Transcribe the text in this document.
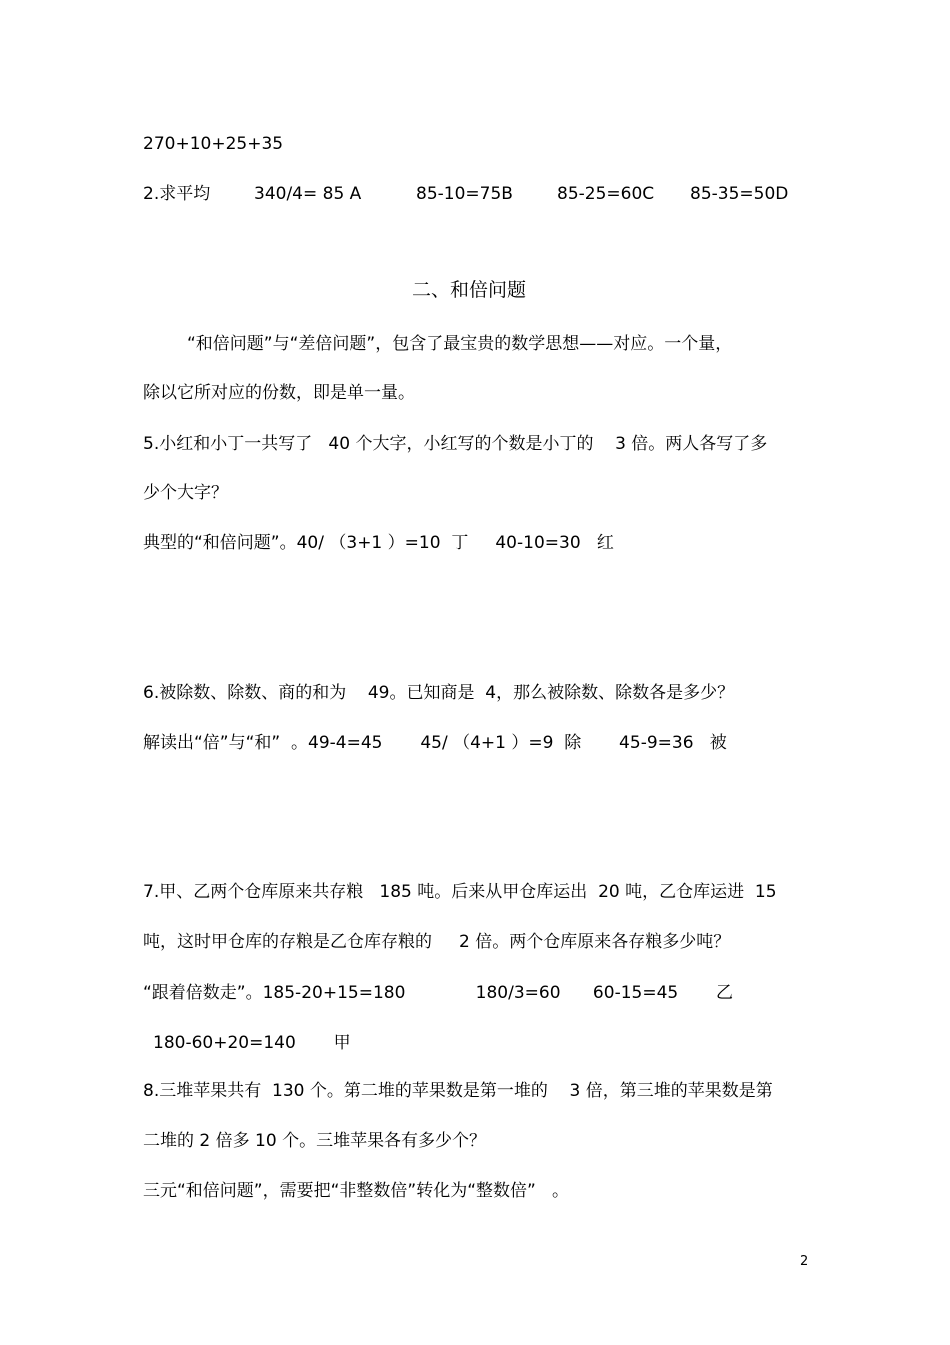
270+10+25+35
2.求平均	340/4= 85 A	85-10=75B	85-25=60C 85-35=50D
二、和倍问题
“和倍问题”与“差倍问题”，包含了最宝贵的数学思想——对应。一个量，
除以它所对应的份数，即是单一量。
5.小红和小丁一共写了   40 个大字，小红写的个数是小丁的    3 倍。两人各写了多
少个大字？
典型的“和倍问题”。40/ （3+1 ）=10  丁     40-10=30   红
6.被除数、除数、商的和为    49。已知商是  4，那么被除数、除数各是多少？
解读出“倍”与“和”  。49-4=45       45/ （4+1 ）=9  除       45-9=36   被
7.甲、乙两个仓库原来共存粮   185 吨。后来从甲仓库运出  20 吨，乙仓库运进  15
吨，这时甲仓库的存粮是乙仓库存粮的     2 倍。两个仓库原来各存粮多少吨？
“跟着倍数走”。185-20+15=180             180/3=60      60-15=45       乙
180-60+20=140       甲
8.三堆苹果共有  130 个。第二堆的苹果数是第一堆的    3 倍，第三堆的苹果数是第
二堆的 2 倍多 10 个。三堆苹果各有多少个？
三元“和倍问题”，需要把“非整数倍”转化为“整数倍”   。
2
